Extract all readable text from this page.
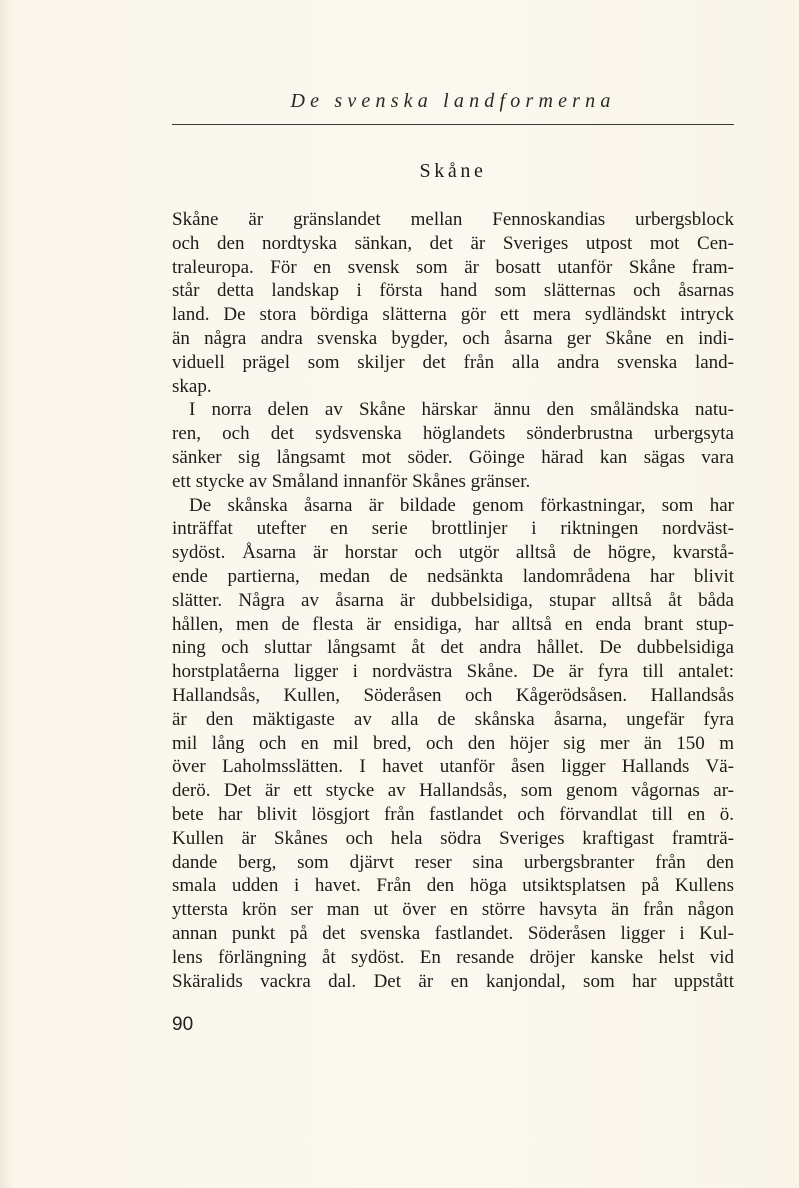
De svenska landformerna
Skåne
Skåne är gränslandet mellan Fennoskandias urbergsblock
och den nordtyska sänkan, det är Sveriges utpost mot Cen-
traleuropa. För en svensk som är bosatt utanför Skåne fram-
står detta landskap i första hand som slätternas och åsarnas
land. De stora bördiga slätterna gör ett mera sydländskt intryck
än några andra svenska bygder, och åsarna ger Skåne en indi-
viduell prägel som skiljer det från alla andra svenska land-
skap.
I norra delen av Skåne härskar ännu den småländska natu-
ren, och det sydsvenska höglandets sönderbrustna urbergsyta
sänker sig långsamt mot söder. Göinge härad kan sägas vara
ett stycke av Småland innanför Skånes gränser.
De skånska åsarna är bildade genom förkastningar, som har
inträffat utefter en serie brottlinjer i riktningen nordväst-
sydöst. Åsarna är horstar och utgör alltså de högre, kvarstå-
ende partierna, medan de nedsänkta landområdena har blivit
slätter. Några av åsarna är dubbelsidiga, stupar alltså åt båda
hållen, men de flesta är ensidiga, har alltså en enda brant stup-
ning och sluttar långsamt åt det andra hållet. De dubbelsidiga
horstplatåerna ligger i nordvästra Skåne. De är fyra till antalet:
Hallandsås, Kullen, Söderåsen och Kågerödsåsen. Hallandsås
är den mäktigaste av alla de skånska åsarna, ungefär fyra
mil lång och en mil bred, och den höjer sig mer än 150 m
över Laholmsslätten. I havet utanför åsen ligger Hallands Vä-
derö. Det är ett stycke av Hallandsås, som genom vågornas ar-
bete har blivit lösgjort från fastlandet och förvandlat till en ö.
Kullen är Skånes och hela södra Sveriges kraftigast framträ-
dande berg, som djärvt reser sina urbergsbranter från den
smala udden i havet. Från den höga utsiktsplatsen på Kullens
yttersta krön ser man ut över en större havsyta än från någon
annan punkt på det svenska fastlandet. Söderåsen ligger i Kul-
lens förlängning åt sydöst. En resande dröjer kanske helst vid
Skäralids vackra dal. Det är en kanjondal, som har uppstått
90
